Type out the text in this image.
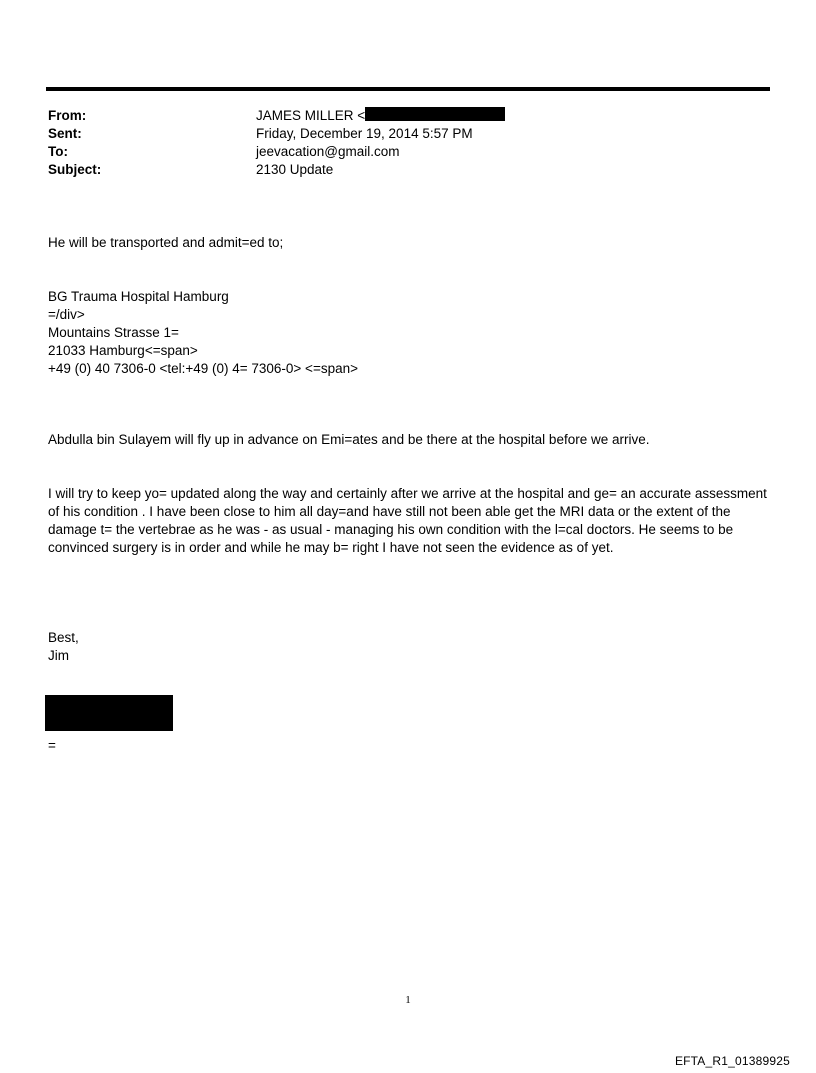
From:	JAMES MILLER <
Sent:	Friday, December 19, 2014 5:57 PM
To:	jeevacation@gmail.com
Subject:	2130 Update

He will be transported and admit=ed to;

BG Trauma Hospital Hamburg

=/div>

Mountains Strasse 1=

21033 Hamburg<=span>

+49 (0) 40 7306-0 <tel:+49 (0) 4= 7306-0> <=span>

Abdulla bin Sulayem will fly up in advance on Emi=ates and be there at the hospital before we arrive.

I will try to keep yo= updated along the way and certainly after we arrive at the hospital and ge= an accurate assessment of his condition . I have been close to him all day=and have still not been able get the MRI data or the extent of the damage t= the vertebrae as he was - as usual - managing his own condition with the l=cal doctors. He seems to be convinced surgery is in order and while he may b= right I have not seen the evidence as of yet.

Best,

Jim

=
1
EFTA_R1_01389925
